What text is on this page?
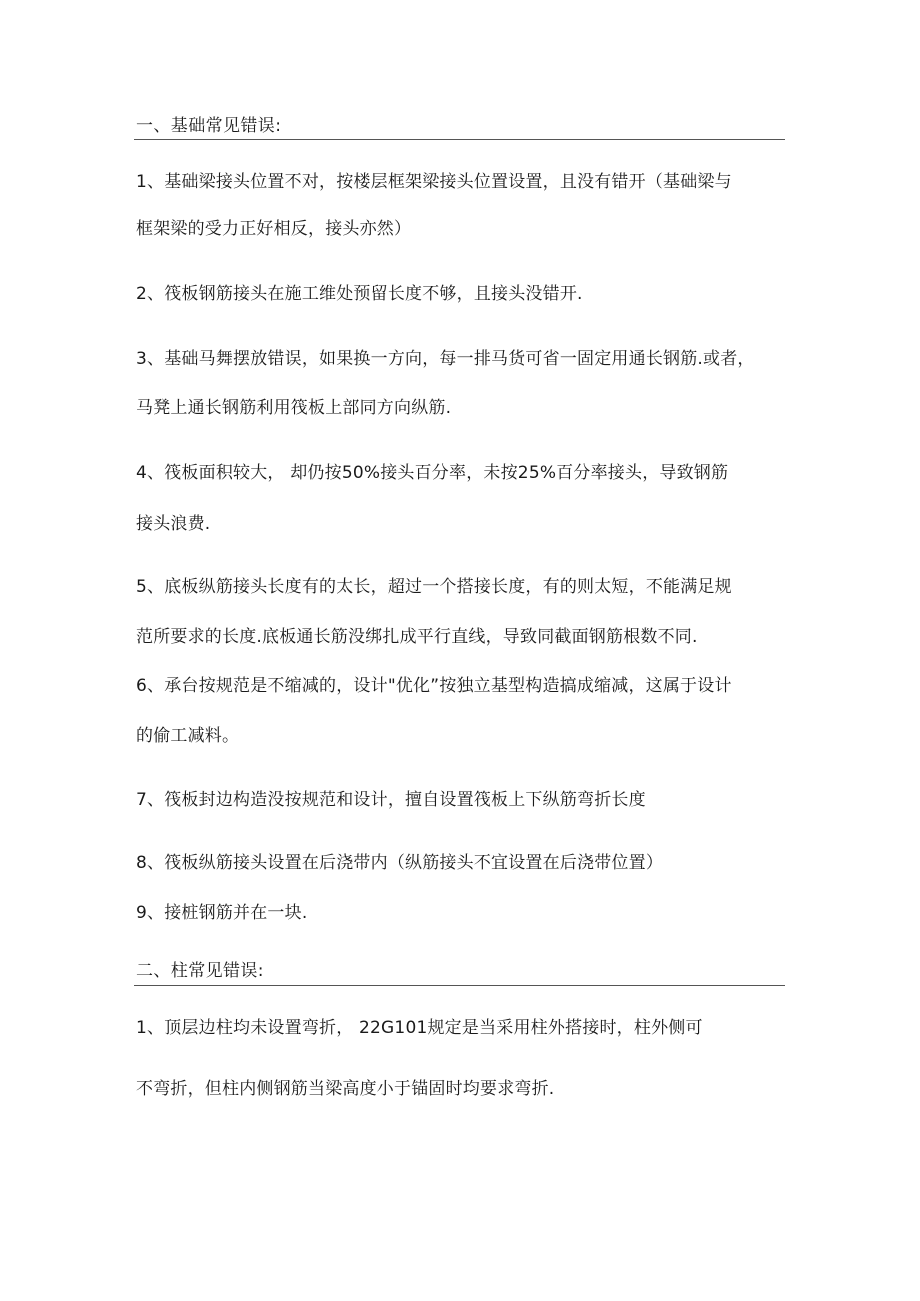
一、基础常见错误:
1、基础梁接头位置不对，按楼层框架梁接头位置设置，且没有错开（基础梁与
框架梁的受力正好相反，接头亦然）
2、筏板钢筋接头在施工维处预留长度不够，且接头没错开.
3、基础马舞摆放错误，如果换一方向，每一排马货可省一固定用通长钢筋.或者，
马凳上通长钢筋利用筏板上部同方向纵筋.
4、筏板面积较大， 却仍按50%接头百分率，未按25%百分率接头，导致钢筋
接头浪费.
5、底板纵筋接头长度有的太长，超过一个搭接长度，有的则太短，不能满足规
范所要求的长度.底板通长筋没绑扎成平行直线，导致同截面钢筋根数不同.
6、承台按规范是不缩减的，设计"优化”按独立基型构造搞成缩减，这属于设计
的偷工减料。
7、筏板封边构造没按规范和设计，擅自设置筏板上下纵筋弯折长度
8、筏板纵筋接头设置在后浇带内（纵筋接头不宜设置在后浇带位置）
9、接桩钢筋并在一块.
二、柱常见错误:
1、顶层边柱均未设置弯折， 22G101规定是当采用柱外搭接时，柱外侧可
不弯折，但柱内侧钢筋当梁高度小于锚固时均要求弯折.
